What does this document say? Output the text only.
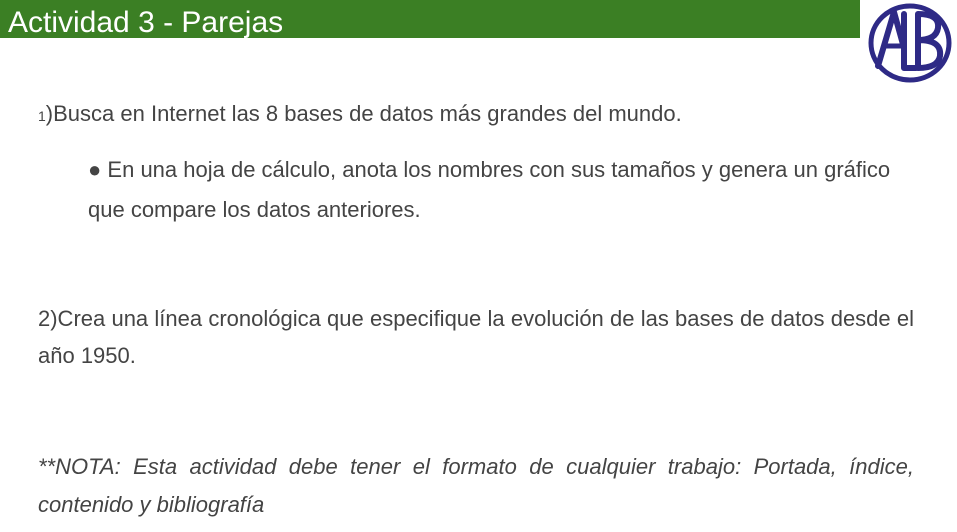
Actividad 3 - Parejas

1)Busca en Internet las 8 bases de datos más grandes del mundo.

● En una hoja de cálculo, anota los nombres con sus tamaños y genera un gráfico que compare los datos anteriores.

2)Crea una línea cronológica que especifique la evolución de las bases de datos desde el año 1950.

**NOTA: Esta actividad debe tener el formato de cualquier trabajo: Portada, índice, contenido y bibliografía
